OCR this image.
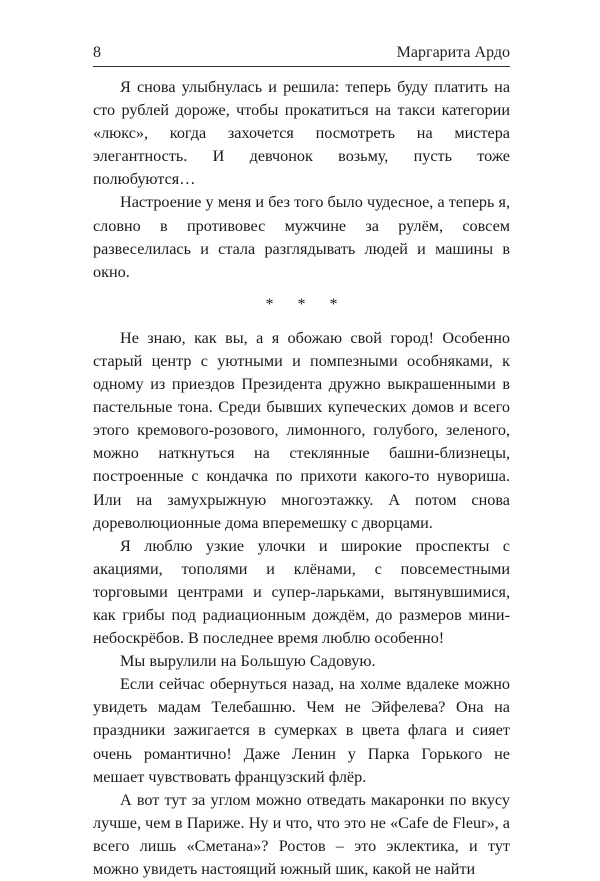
8	Маргарита Ардо

Я снова улыбнулась и решила: теперь буду платить на сто рублей дороже, чтобы прокатиться на такси категории «люкс», когда захочется посмотреть на мистера элегантность. И девчонок возьму, пусть тоже полюбуются…

Настроение у меня и без того было чудесное, а теперь я, словно в противовес мужчине за рулём, совсем развеселилась и стала разглядывать людей и машины в окно.

* * *

Не знаю, как вы, а я обожаю свой город! Особенно старый центр с уютными и помпезными особняками, к одному из приездов Президента дружно выкрашенными в пастельные тона. Среди бывших купеческих домов и всего этого кремового-розового, лимонного, голубого, зеленого, можно наткнуться на стеклянные башни-близнецы, построенные с кондачка по прихоти какого-то нувориша. Или на замухрыжную многоэтажку. А потом снова дореволюционные дома вперемешку с дворцами.

Я люблю узкие улочки и широкие проспекты с акациями, тополями и клёнами, с повсеместными торговыми центрами и супер-ларьками, вытянувшимися, как грибы под радиационным дождём, до размеров мини-небоскрёбов. В последнее время люблю особенно!

Мы вырулили на Большую Садовую.

Если сейчас обернуться назад, на холме вдалеке можно увидеть мадам Телебашню. Чем не Эйфелева? Она на праздники зажигается в сумерках в цвета флага и сияет очень романтично! Даже Ленин у Парка Горького не мешает чувствовать французский флёр.

А вот тут за углом можно отведать макаронки по вкусу лучше, чем в Париже. Ну и что, что это не «Cafe de Fleur», а всего лишь «Сметана»? Ростов – это эклектика, и тут можно увидеть настоящий южный шик, какой не найти
